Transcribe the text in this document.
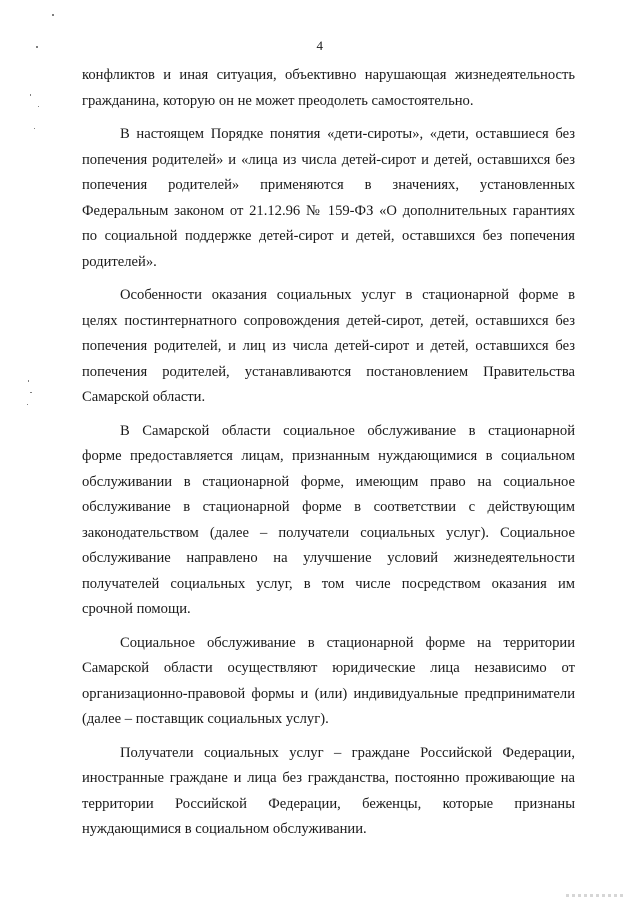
4
конфликтов и иная ситуация, объективно нарушающая жизнедеятельность
гражданина, которую он не может преодолеть самостоятельно.
В настоящем Порядке понятия «дети-сироты», «дети, оставшиеся без
попечения родителей» и «лица из числа детей-сирот и детей, оставшихся без
попечения родителей» применяются в значениях, установленных
Федеральным законом от 21.12.96 № 159-ФЗ «О дополнительных гарантиях
по социальной поддержке детей-сирот и детей, оставшихся без попечения
родителей».
Особенности оказания социальных услуг в стационарной форме в
целях постинтернатного сопровождения детей-сирот, детей, оставшихся без
попечения родителей, и лиц из числа детей-сирот и детей, оставшихся без
попечения родителей, устанавливаются постановлением Правительства
Самарской области.
В Самарской области социальное обслуживание в стационарной
форме предоставляется лицам, признанным нуждающимися в социальном
обслуживании в стационарной форме, имеющим право на социальное
обслуживание в стационарной форме в соответствии с действующим
законодательством (далее – получатели социальных услуг). Социальное
обслуживание направлено на улучшение условий жизнедеятельности
получателей социальных услуг, в том числе посредством оказания им
срочной помощи.
Социальное обслуживание в стационарной форме на территории
Самарской области осуществляют юридические лица независимо от
организационно-правовой формы и (или) индивидуальные предприниматели
(далее – поставщик социальных услуг).
Получатели социальных услуг – граждане Российской Федерации,
иностранные граждане и лица без гражданства, постоянно проживающие на
территории Российской Федерации, беженцы, которые признаны
нуждающимися в социальном обслуживании.
